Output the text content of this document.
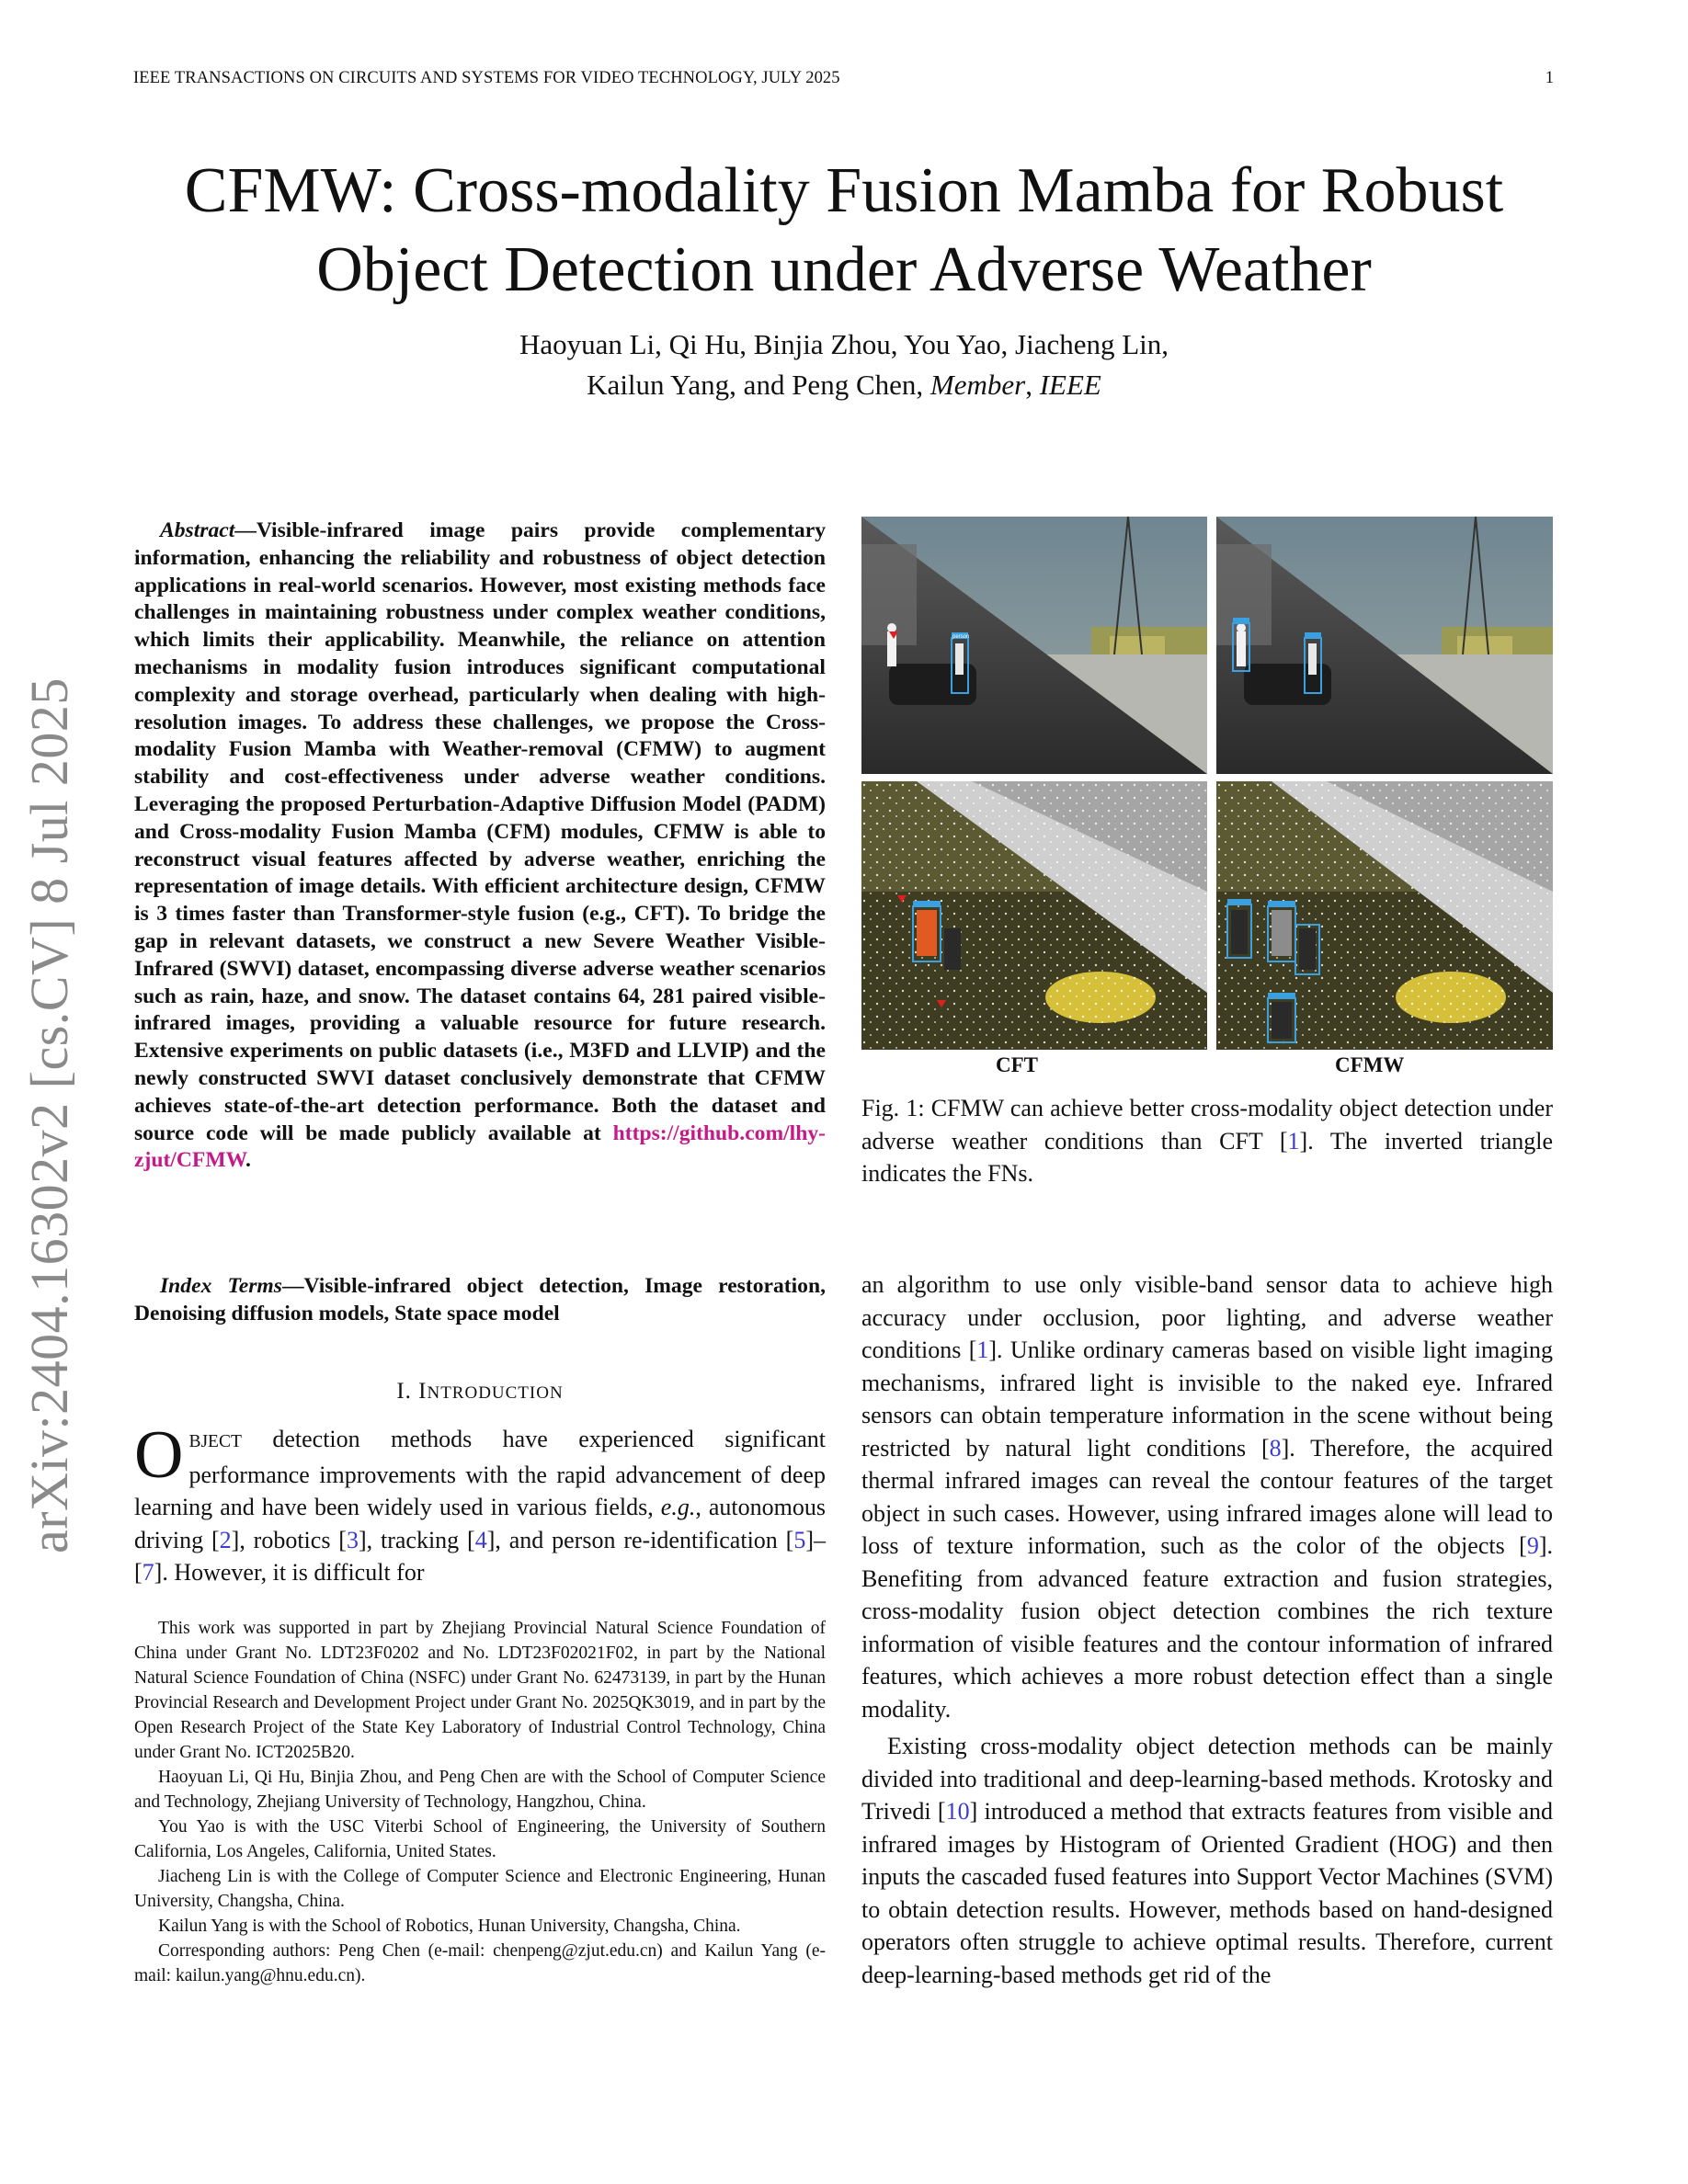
IEEE TRANSACTIONS ON CIRCUITS AND SYSTEMS FOR VIDEO TECHNOLOGY, JULY 2025	1
CFMW: Cross-modality Fusion Mamba for Robust
Object Detection under Adverse Weather
Haoyuan Li, Qi Hu, Binjia Zhou, You Yao, Jiacheng Lin,
Kailun Yang, and Peng Chen, Member, IEEE
arXiv:2404.16302v2 [cs.CV] 8 Jul 2025
Abstract—Visible-infrared image pairs provide complementary information, enhancing the reliability and robustness of object detection applications in real-world scenarios. However, most existing methods face challenges in maintaining robustness under complex weather conditions, which limits their applicability. Meanwhile, the reliance on attention mechanisms in modality fusion introduces significant computational complexity and storage overhead, particularly when dealing with high-resolution images. To address these challenges, we propose the Cross-modality Fusion Mamba with Weather-removal (CFMW) to augment stability and cost-effectiveness under adverse weather conditions. Leveraging the proposed Perturbation-Adaptive Diffusion Model (PADM) and Cross-modality Fusion Mamba (CFM) modules, CFMW is able to reconstruct visual features affected by adverse weather, enriching the representation of image details. With efficient architecture design, CFMW is 3 times faster than Transformer-style fusion (e.g., CFT). To bridge the gap in relevant datasets, we construct a new Severe Weather Visible-Infrared (SWVI) dataset, encompassing diverse adverse weather scenarios such as rain, haze, and snow. The dataset contains 64, 281 paired visible-infrared images, providing a valuable resource for future research. Extensive experiments on public datasets (i.e., M3FD and LLVIP) and the newly constructed SWVI dataset conclusively demonstrate that CFMW achieves state-of-the-art detection performance. Both the dataset and source code will be made publicly available at https://github.com/lhy-zjut/CFMW.
Index Terms—Visible-infrared object detection, Image restoration, Denoising diffusion models, State space model
I. INTRODUCTION
OBJECT detection methods have experienced significant performance improvements with the rapid advancement of deep learning and have been widely used in various fields, e.g., autonomous driving [2], robotics [3], tracking [4], and person re-identification [5]–[7]. However, it is difficult for

This work was supported in part by Zhejiang Provincial Natural Science Foundation of China under Grant No. LDT23F0202 and No. LDT23F02021F02, in part by the National Natural Science Foundation of China (NSFC) under Grant No. 62473139, in part by the Hunan Provincial Research and Development Project under Grant No. 2025QK3019, and in part by the Open Research Project of the State Key Laboratory of Industrial Control Technology, China under Grant No. ICT2025B20.

Haoyuan Li, Qi Hu, Binjia Zhou, and Peng Chen are with the School of Computer Science and Technology, Zhejiang University of Technology, Hangzhou, China.

You Yao is with the USC Viterbi School of Engineering, the University of Southern California, Los Angeles, California, United States.

Jiacheng Lin is with the College of Computer Science and Electronic Engineering, Hunan University, Changsha, China.

Kailun Yang is with the School of Robotics, Hunan University, Changsha, China.

Corresponding authors: Peng Chen (e-mail: chenpeng@zjut.edu.cn) and Kailun Yang (e-mail: kailun.yang@hnu.edu.cn).

person
CFT	CFMW
Fig. 1: CFMW can achieve better cross-modality object detection under adverse weather conditions than CFT [1]. The inverted triangle indicates the FNs.

an algorithm to use only visible-band sensor data to achieve high accuracy under occlusion, poor lighting, and adverse weather conditions [1]. Unlike ordinary cameras based on visible light imaging mechanisms, infrared light is invisible to the naked eye. Infrared sensors can obtain temperature information in the scene without being restricted by natural light conditions [8]. Therefore, the acquired thermal infrared images can reveal the contour features of the target object in such cases. However, using infrared images alone will lead to loss of texture information, such as the color of the objects [9]. Benefiting from advanced feature extraction and fusion strategies, cross-modality fusion object detection combines the rich texture information of visible features and the contour information of infrared features, which achieves a more robust detection effect than a single modality.

Existing cross-modality object detection methods can be mainly divided into traditional and deep-learning-based methods. Krotosky and Trivedi [10] introduced a method that extracts features from visible and infrared images by Histogram of Oriented Gradient (HOG) and then inputs the cascaded fused features into Support Vector Machines (SVM) to obtain detection results. However, methods based on hand-designed operators often struggle to achieve optimal results. Therefore, current deep-learning-based methods get rid of the
